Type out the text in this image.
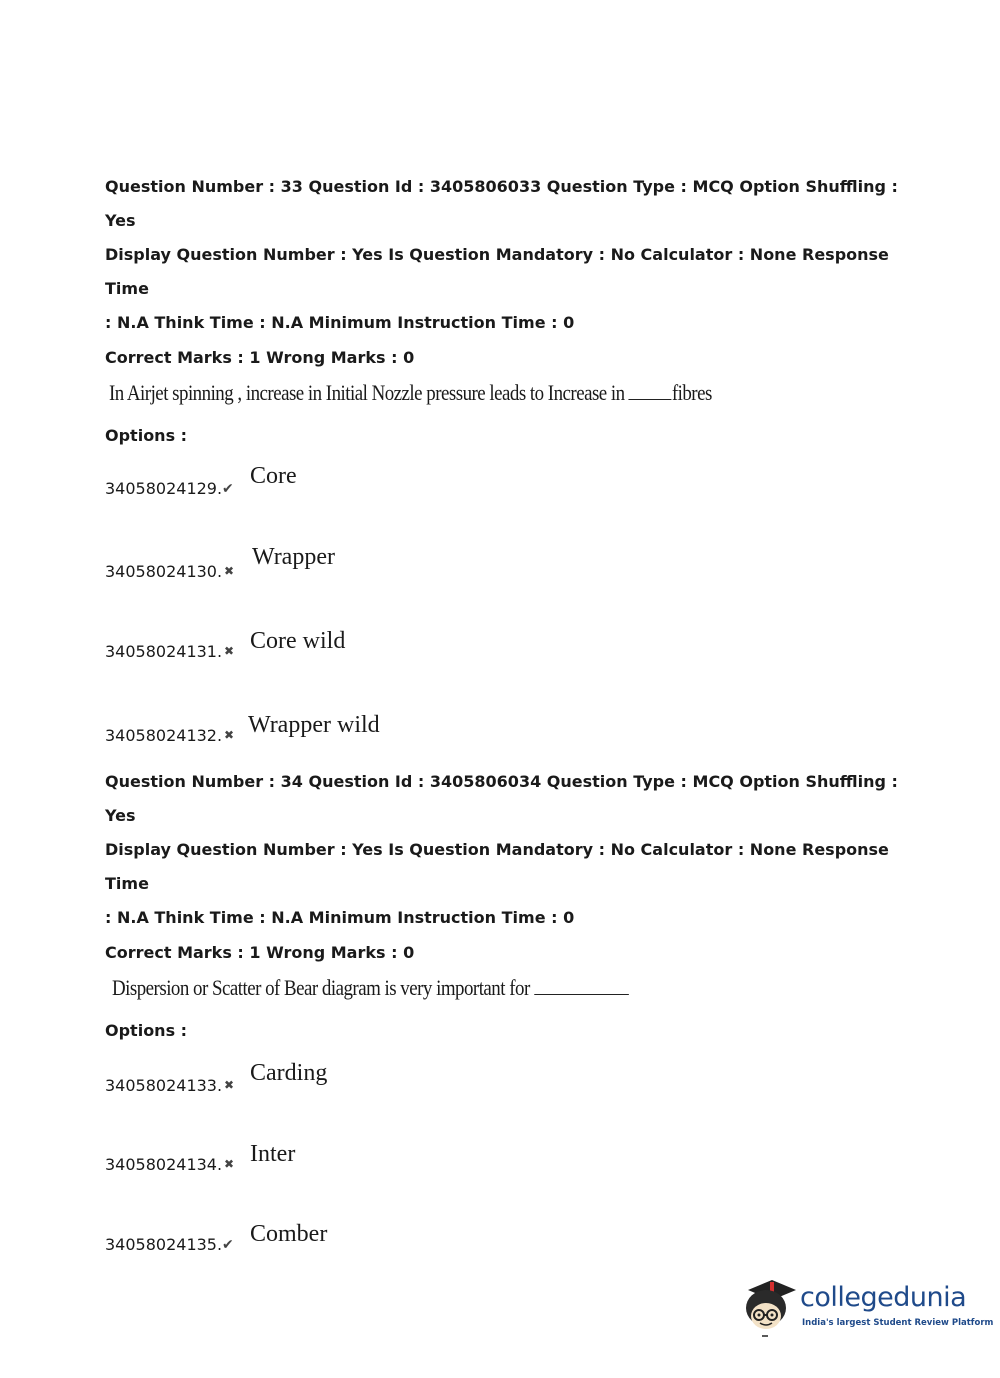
Question Number : 33 Question Id : 3405806033 Question Type : MCQ Option Shuffling : Yes

Display Question Number : Yes Is Question Mandatory : No Calculator : None Response Time

: N.A Think Time : N.A Minimum Instruction Time : 0

Correct Marks : 1 Wrong Marks : 0

In Airjet spinning , increase in Initial Nozzle pressure leads to Increase in fibres

Options :

34058024129. ✔ Core
34058024130. ✖
Wrapper
34058024131. ✖ Core wild
34058024132. ✖ Wrapper wild

Question Number : 34 Question Id : 3405806034 Question Type : MCQ Option Shuffling : Yes

Display Question Number : Yes Is Question Mandatory : No Calculator : None Response Time

: N.A Think Time : N.A Minimum Instruction Time : 0

Correct Marks : 1 Wrong Marks : 0

Dispersion or Scatter of Bear diagram is very important for

Options :

34058024133. ✖ Carding
34058024134. ✖ Inter
34058024135. ✔ Comber
collegedunia
India's largest Student Review Platform
